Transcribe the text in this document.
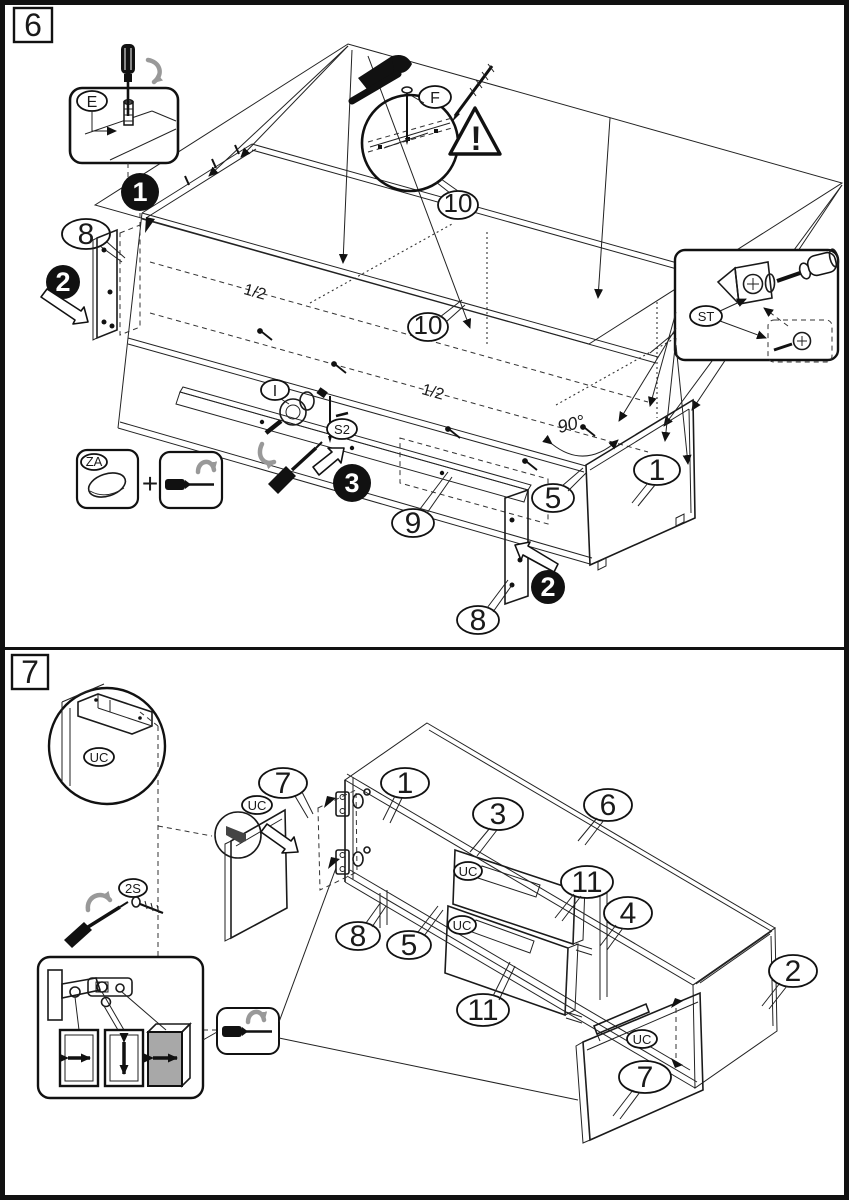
6
1/2
1/2
F
!
10
10
E
1
8
2
9
I
S2
3
ZA
+
90°
5
1
8
2
ST
7
UC
2S
7
UC
1
UC
UC
3	6
11
4
2
8 5
11
UC
7
